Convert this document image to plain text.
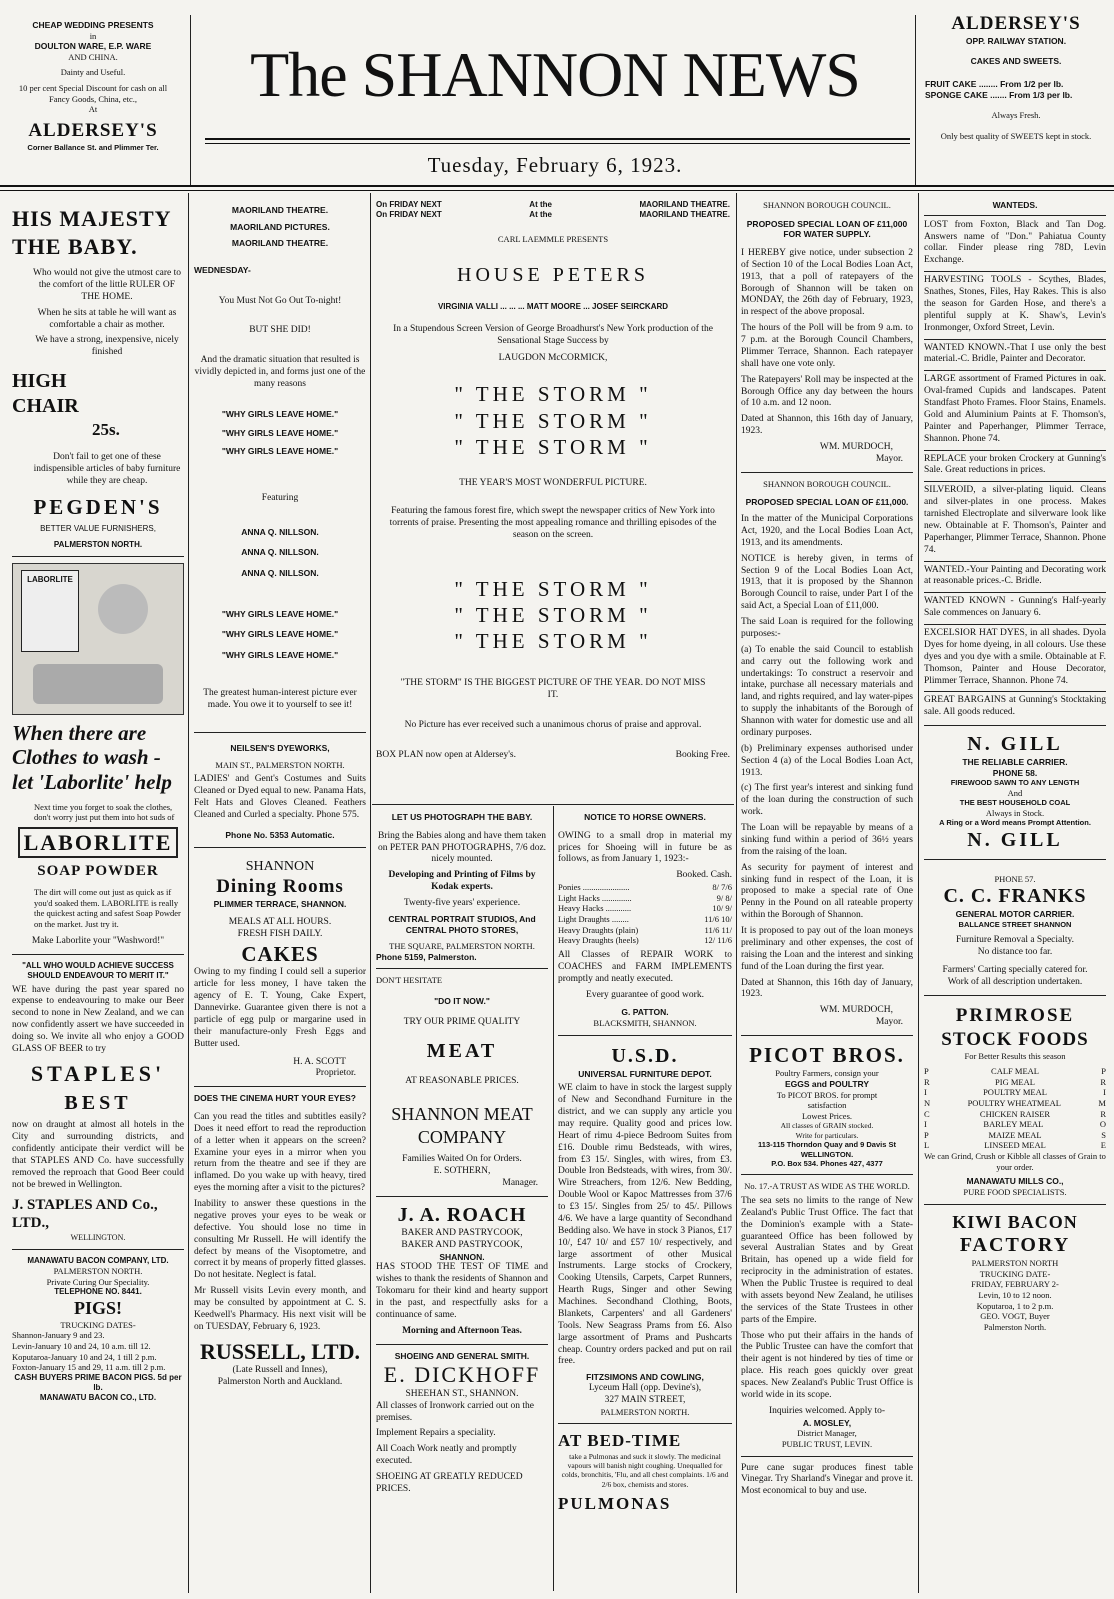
CHEAP WEDDING PRESENTS
in
DOULTON WARE, E.P. WARE
AND CHINA.
Dainty and Useful.
10 per cent Special Discount for cash on all Fancy Goods, China, etc.,
At
ALDERSEY'S
Corner Ballance St. and Plimmer Ter.
The SHANNON NEWS
Tuesday, February 6, 1923.
ALDERSEY'S
OPP. RAILWAY STATION.
CAKES AND SWEETS.
FRUIT CAKE ........ From 1/2 per lb.
SPONGE CAKE ....... From 1/3 per lb.
Always Fresh.
Only best quality of SWEETS kept in stock.
HIS MAJESTY
THE BABY.

Who would not give the utmost care to the comfort of the little RULER OF THE HOME.

When he sits at table he will want as comfortable a chair as mother.

We have a strong, inexpensive, nicely finished

HIGH
CHAIR
25s.

Don't fail to get one of these indispensible articles of baby furniture while they are cheap.

PEGDEN'S
BETTER VALUE FURNISHERS,
PALMERSTON NORTH.
LABORLITE
When there are Clothes to wash - let 'Laborlite' help

Next time you forget to soak the clothes, don't worry just put them into hot suds of

LABORLITE
SOAP POWDER

The dirt will come out just as quick as if you'd soaked them. LABORLITE is really the quickest acting and safest Soap Powder on the market. Just try it.

Make Laborlite your "Washword!"

"ALL WHO WOULD ACHIEVE SUCCESS SHOULD ENDEAVOUR TO MERIT IT."

WE have during the past year spared no expense to endeavouring to make our Beer second to none in New Zealand, and we can now confidently assert we have succeeded in doing so. We invite all who enjoy a GOOD GLASS OF BEER to try

STAPLES'
BEST

now on draught at almost all hotels in the City and surrounding districts, and confidently anticipate their verdict will be that STAPLES AND Co. have successfully removed the reproach that Good Beer could not be brewed in Wellington.

J. STAPLES AND Co., LTD.,
WELLINGTON.
MANAWATU BACON COMPANY, LTD.
PALMERSTON NORTH.
Private Curing Our Speciality.
TELEPHONE NO. 8441.
PIGS!
TRUCKING DATES-
Shannon-January 9 and 23.
Levin-January 10 and 24, 10 a.m. till 12.
Koputaroa-January 10 and 24, 1 till 2 p.m.
Foxton-January 15 and 29, 11 a.m. till 2 p.m.
CASH BUYERS PRIME BACON PIGS. 5d per lb.
MANAWATU BACON CO., LTD.
MAORILAND THEATRE.
MAORILAND PICTURES.
MAORILAND THEATRE.
WEDNESDAY-
You Must Not Go Out To-night!
BUT SHE DID!

And the dramatic situation that resulted is vividly depicted in, and forms just one of the many reasons

"WHY GIRLS LEAVE HOME."
"WHY GIRLS LEAVE HOME."
"WHY GIRLS LEAVE HOME."
Featuring
ANNA Q. NILLSON.
ANNA Q. NILLSON.
ANNA Q. NILLSON.
"WHY GIRLS LEAVE HOME."
"WHY GIRLS LEAVE HOME."
"WHY GIRLS LEAVE HOME."

The greatest human-interest picture ever made. You owe it to yourself to see it!

NEILSEN'S DYEWORKS,
MAIN ST., PALMERSTON NORTH.

LADIES' and Gent's Costumes and Suits Cleaned or Dyed equal to new. Panama Hats, Felt Hats and Gloves Cleaned. Feathers Cleaned and Curled a specialty. Phone 575.

Phone No. 5353 Automatic.
SHANNON
Dining Rooms
PLIMMER TERRACE, SHANNON.
MEALS AT ALL HOURS.
FRESH FISH DAILY.
CAKES

Owing to my finding I could sell a superior article for less money, I have taken the agency of E. T. Young, Cake Expert, Dannevirke. Guarantee given there is not a particle of egg pulp or margarine used in their manufacture-only Fresh Eggs and Butter used.

H. A. SCOTT
Proprietor.
DOES THE CINEMA HURT YOUR EYES?

Can you read the titles and subtitles easily? Does it need effort to read the reproduction of a letter when it appears on the screen? Examine your eyes in a mirror when you return from the theatre and see if they are inflamed. Do you wake up with heavy, tired eyes the morning after a visit to the pictures?

Inability to answer these questions in the negative proves your eyes to be weak or defective. You should lose no time in consulting Mr Russell. He will identify the defect by means of the Visoptometre, and correct it by means of properly fitted glasses. Do not hesitate. Neglect is fatal.

Mr Russell visits Levin every month, and may be consulted by appointment at C. S. Keedwell's Pharmacy. His next visit will be on TUESDAY, February 6, 1923.

RUSSELL, LTD.
(Late Russell and Innes),
Palmerston North and Auckland.
On FRIDAY NEXT	At the	MAORILAND THEATRE.
On FRIDAY NEXT	At the	MAORILAND THEATRE.
CARL LAEMMLE PRESENTS
HOUSE PETERS
VIRGINIA VALLI ... ... ... MATT MOORE ... JOSEF SEIRCKARD

In a Stupendous Screen Version of George Broadhurst's New York production of the Sensational Stage Success by

LAUGDON McCORMICK,
" THE STORM "
" THE STORM "
" THE STORM "
THE YEAR'S MOST WONDERFUL PICTURE.

Featuring the famous forest fire, which swept the newspaper critics of New York into torrents of praise. Presenting the most appealing romance and thrilling episodes of the season on the screen.

" THE STORM "
" THE STORM "
" THE STORM "

"THE STORM" IS THE BIGGEST PICTURE OF THE YEAR. DO NOT MISS IT.

No Picture has ever received such a unanimous chorus of praise and approval.

BOX PLAN now open at Aldersey's.	Booking Free.
LET US PHOTOGRAPH THE BABY.

Bring the Babies along and have them taken on PETER PAN PHOTOGRAPHS, 7/6 doz. nicely mounted.

Developing and Printing of Films by Kodak experts.

Twenty-five years' experience.

CENTRAL PORTRAIT STUDIOS, And CENTRAL PHOTO STORES,
THE SQUARE, PALMERSTON NORTH.
Phone 5159, Palmerston.
DON'T HESITATE
"DO IT NOW."
TRY OUR PRIME QUALITY
MEAT
AT REASONABLE PRICES.
SHANNON MEAT
COMPANY
Families Waited On for Orders.
E. SOTHERN,
Manager.
J. A. ROACH
BAKER AND PASTRYCOOK,
BAKER AND PASTRYCOOK,
SHANNON.

HAS STOOD THE TEST OF TIME and wishes to thank the residents of Shannon and Tokomaru for their kind and hearty support in the past, and respectfully asks for a continuance of same.

Morning and Afternoon Teas.
SHOEING AND GENERAL SMITH.
E. DICKHOFF
SHEEHAN ST., SHANNON.

All classes of Ironwork carried out on the premises.

Implement Repairs a speciality.

All Coach Work neatly and promptly executed.

SHOEING AT GREATLY REDUCED PRICES.

NOTICE TO HORSE OWNERS.

OWING to a small drop in material my prices for Shoeing will in future be as follows, as from January 1, 1923:-

Booked. Cash.
Ponies ......................	8/ 7/6
Light Hacks ..............	9/ 8/
Heavy Hacks ............	10/ 9/
Light Draughts ........	11/6 10/
Heavy Draughts (plain)	11/6 11/
Heavy Draughts (heels)	12/ 11/6

All Classes of REPAIR WORK to COACHES and FARM IMPLEMENTS promptly and neatly executed.

Every guarantee of good work.

G. PATTON.
BLACKSMITH, SHANNON.
U.S.D.
UNIVERSAL FURNITURE DEPOT.

WE claim to have in stock the largest supply of New and Secondhand Furniture in the district, and we can supply any article you may require. Quality good and prices low. Heart of rimu 4-piece Bedroom Suites from £16. Double rimu Bedsteads, with wires, from £3 15/. Singles, with wires, from £3. Double Iron Bedsteads, with wires, from 30/. Wire Streachers, from 12/6. New Bedding, Double Wool or Kapoc Mattresses from 37/6 to £3 15/. Singles from 25/ to 45/. Pillows 4/6. We have a large quantity of Secondhand Bedding also. We have in stock 3 Pianos, £17 10/, £47 10/ and £57 10/ respectively, and large assortment of other Musical Instruments. Large stocks of Crockery, Cooking Utensils, Carpets, Carpet Runners, Hearth Rugs, Singer and other Sewing Machines. Secondhand Clothing, Boots, Blankets, Carpenters' and all Gardeners' Tools. New Seagrass Prams from £6. Also large assortment of Prams and Pushcarts cheap. Country orders packed and put on rail free.

FITZSIMONS AND COWLING,
Lyceum Hall (opp. Devine's),
327 MAIN STREET,
PALMERSTON NORTH.
AT BED-TIME

take a Pulmonas and suck it slowly. The medicinal vapours will banish night coughing. Unequalled for colds, bronchitis, 'Flu, and all chest complaints. 1/6 and 2/6 box, chemists and stores.

PULMONAS
SHANNON BOROUGH COUNCIL.
PROPOSED SPECIAL LOAN OF £11,000 FOR WATER SUPPLY.

I HEREBY give notice, under subsection 2 of Section 10 of the Local Bodies Loan Act, 1913, that a poll of ratepayers of the Borough of Shannon will be taken on MONDAY, the 26th day of February, 1923, in respect of the above proposal.

The hours of the Poll will be from 9 a.m. to 7 p.m. at the Borough Council Chambers, Plimmer Terrace, Shannon. Each ratepayer shall have one vote only.

The Ratepayers' Roll may be inspected at the Borough Office any day between the hours of 10 a.m. and 12 noon.

Dated at Shannon, this 16th day of January, 1923.

WM. MURDOCH,
Mayor.
SHANNON BOROUGH COUNCIL.
PROPOSED SPECIAL LOAN OF £11,000.

In the matter of the Municipal Corporations Act, 1920, and the Local Bodies Loan Act, 1913, and its amendments.

NOTICE is hereby given, in terms of Section 9 of the Local Bodies Loan Act, 1913, that it is proposed by the Shannon Borough Council to raise, under Part I of the said Act, a Special Loan of £11,000.

The said Loan is required for the following purposes:-

(a) To enable the said Council to establish and carry out the following work and undertakings: To construct a reservoir and intake, purchase all necessary materials and land, and rights required, and lay water-pipes to supply the inhabitants of the Borough of Shannon with water for domestic use and all ordinary purposes.

(b) Preliminary expenses authorised under Section 4 (a) of the Local Bodies Loan Act, 1913.

(c) The first year's interest and sinking fund of the loan during the construction of such work.

The Loan will be repayable by means of a sinking fund within a period of 36½ years from the raising of the loan.

As security for payment of interest and sinking fund in respect of the Loan, it is proposed to make a special rate of One Penny in the Pound on all rateable property within the Borough of Shannon.

It is proposed to pay out of the loan moneys preliminary and other expenses, the cost of raising the Loan and the interest and sinking fund of the Loan during the first year.

Dated at Shannon, this 16th day of January, 1923.

WM. MURDOCH,
Mayor.
PICOT BROS.
Poultry Farmers, consign your
EGGS and POULTRY
To PICOT BROS. for prompt
satisfaction
Lowest Prices.
All classes of GRAIN stocked.
Write for particulars.
113-115 Thorndon Quay and 9 Davis St
WELLINGTON.
P.O. Box 534. Phones 427, 4377
No. 17.-A TRUST AS WIDE AS THE WORLD.

The sea sets no limits to the range of New Zealand's Public Trust Office. The fact that the Dominion's example with a State-guaranteed Office has been followed by several Australian States and by Great Britain, has opened up a wide field for reciprocity in the administration of estates. When the Public Trustee is required to deal with assets beyond New Zealand, he utilises the services of the State Trustees in other parts of the Empire.

Those who put their affairs in the hands of the Public Trustee can have the comfort that their agent is not hindered by ties of time or place. His reach goes quickly over great spaces. New Zealand's Public Trust Office is world wide in its scope.

Inquiries welcomed. Apply to-
A. MOSLEY,
District Manager,
PUBLIC TRUST, LEVIN.

Pure cane sugar produces finest table Vinegar. Try Sharland's Vinegar and prove it. Most economical to buy and use.

WANTEDS.

LOST from Foxton, Black and Tan Dog. Answers name of "Don." Pahiatua County collar. Finder please ring 78D, Levin Exchange.

HARVESTING TOOLS - Scythes, Blades, Snathes, Stones, Files, Hay Rakes. This is also the season for Garden Hose, and there's a plentiful supply at K. Shaw's, Levin's Ironmonger, Oxford Street, Levin.

WANTED KNOWN.-That I use only the best material.-C. Bridle, Painter and Decorator.

LARGE assortment of Framed Pictures in oak. Oval-framed Cupids and landscapes. Patent Standfast Photo Frames. Floor Stains, Enamels. Gold and Aluminium Paints at F. Thomson's, Painter and Paperhanger, Plimmer Terrace, Shannon. Phone 74.

REPLACE your broken Crockery at Gunning's Sale. Great reductions in prices.

SILVEROID, a silver-plating liquid. Cleans and silver-plates in one process. Makes tarnished Electroplate and silverware look like new. Obtainable at F. Thomson's, Painter and Paperhanger, Plimmer Terrace, Shannon. Phone 74.

WANTED.-Your Painting and Decorating work at reasonable prices.-C. Bridle.

WANTED KNOWN - Gunning's Half-yearly Sale commences on January 6.

EXCELSIOR HAT DYES, in all shades. Dyola Dyes for home dyeing, in all colours. Use these dyes and you dye with a smile. Obtainable at F. Thomson, Painter and House Decorator, Plimmer Terrace, Shannon. Phone 74.

GREAT BARGAINS at Gunning's Stocktaking sale. All goods reduced.

N. GILL
THE RELIABLE CARRIER.
PHONE 58.
FIREWOOD SAWN TO ANY LENGTH
And
THE BEST HOUSEHOLD COAL
Always in Stock.
A Ring or a Word means Prompt Attention.
N. GILL
PHONE 57.
C. C. FRANKS
GENERAL MOTOR CARRIER.
BALLANCE STREET SHANNON
Furniture Removal a Specialty.
No distance too far.
Farmers' Carting specially catered for.
Work of all description undertaken.
PRIMROSE
STOCK FOODS
For Better Results this season
P	CALF MEAL	P
R	PIG MEAL	R
I	POULTRY MEAL	I
N	POULTRY WHEATMEAL	M
C	CHICKEN RAISER	R
I	BARLEY MEAL	O
P	MAIZE MEAL	S
L	LINSEED MEAL	E

We can Grind, Crush or Kibble all classes of Grain to your order.

MANAWATU MILLS CO.,
PURE FOOD SPECIALISTS.
KIWI BACON
FACTORY
PALMERSTON NORTH
TRUCKING DATE-
FRIDAY, FEBRUARY 2-
Levin, 10 to 12 noon.
Koputaroa, 1 to 2 p.m.
GEO. VOGT, Buyer
Palmerston North.
